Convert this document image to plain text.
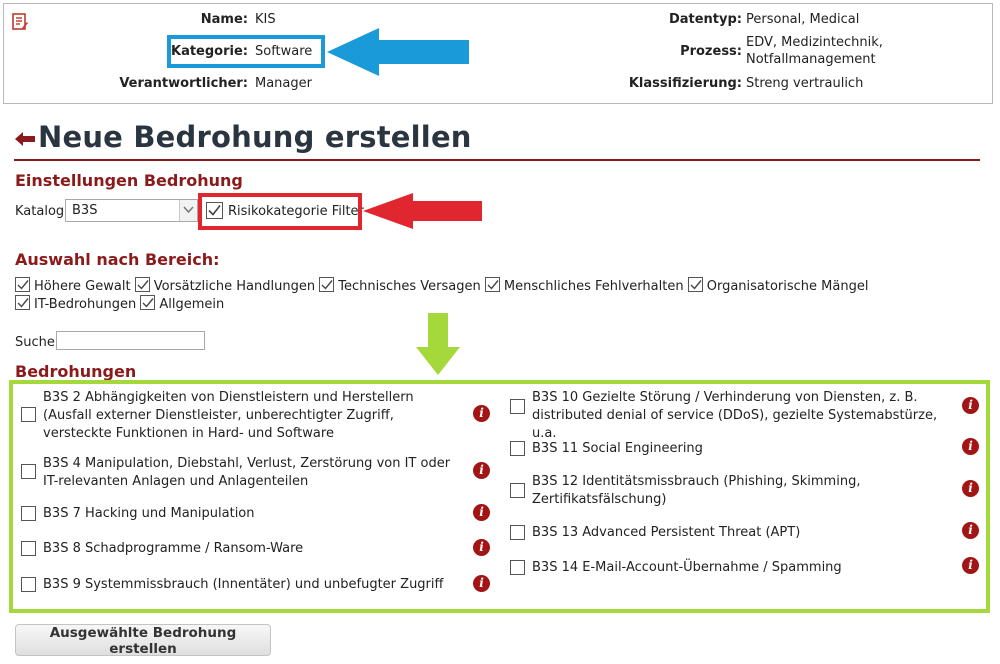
Name: KIS
Kategorie: Software
Verantwortlicher: Manager
Datentyp: Personal, Medical
Prozess:
EDV, Medizintechnik,
Notfallmanagement
Klassifizierung: Streng vertraulich
Neue Bedrohung erstellen
Einstellungen Bedrohung
Katalog B3S	Risikokategorie Filter
Auswahl nach Bereich:
Höhere Gewalt Vorsätzliche Handlungen Technisches Versagen Menschliches Fehlverhalten Organisatorische Mängel
IT-Bedrohungen Allgemein
Suche
Bedrohungen
B3S 2 Abhängigkeiten von Dienstleistern und Herstellern (Ausfall externer Dienstleister, unberechtigter Zugriff, versteckte Funktionen in Hard- und Software
i
B3S 4 Manipulation, Diebstahl, Verlust, Zerstörung von IT oder IT-relevanten Anlagen und Anlagenteilen
i
B3S 7 Hacking und Manipulation	i
B3S 8 Schadprogramme / Ransom-Ware	i
B3S 9 Systemmissbrauch (Innentäter) und unbefugter Zugriff	i
B3S 10 Gezielte Störung / Verhinderung von Diensten, z. B. distributed denial of service (DDoS), gezielte Systemabstürze, u.a.
i
B3S 11 Social Engineering	i
B3S 12 Identitätsmissbrauch (Phishing, Skimming, Zertifikatsfälschung)
i
B3S 13 Advanced Persistent Threat (APT)	i
B3S 14 E-Mail-Account-Übernahme / Spamming	i
Ausgewählte Bedrohung erstellen
